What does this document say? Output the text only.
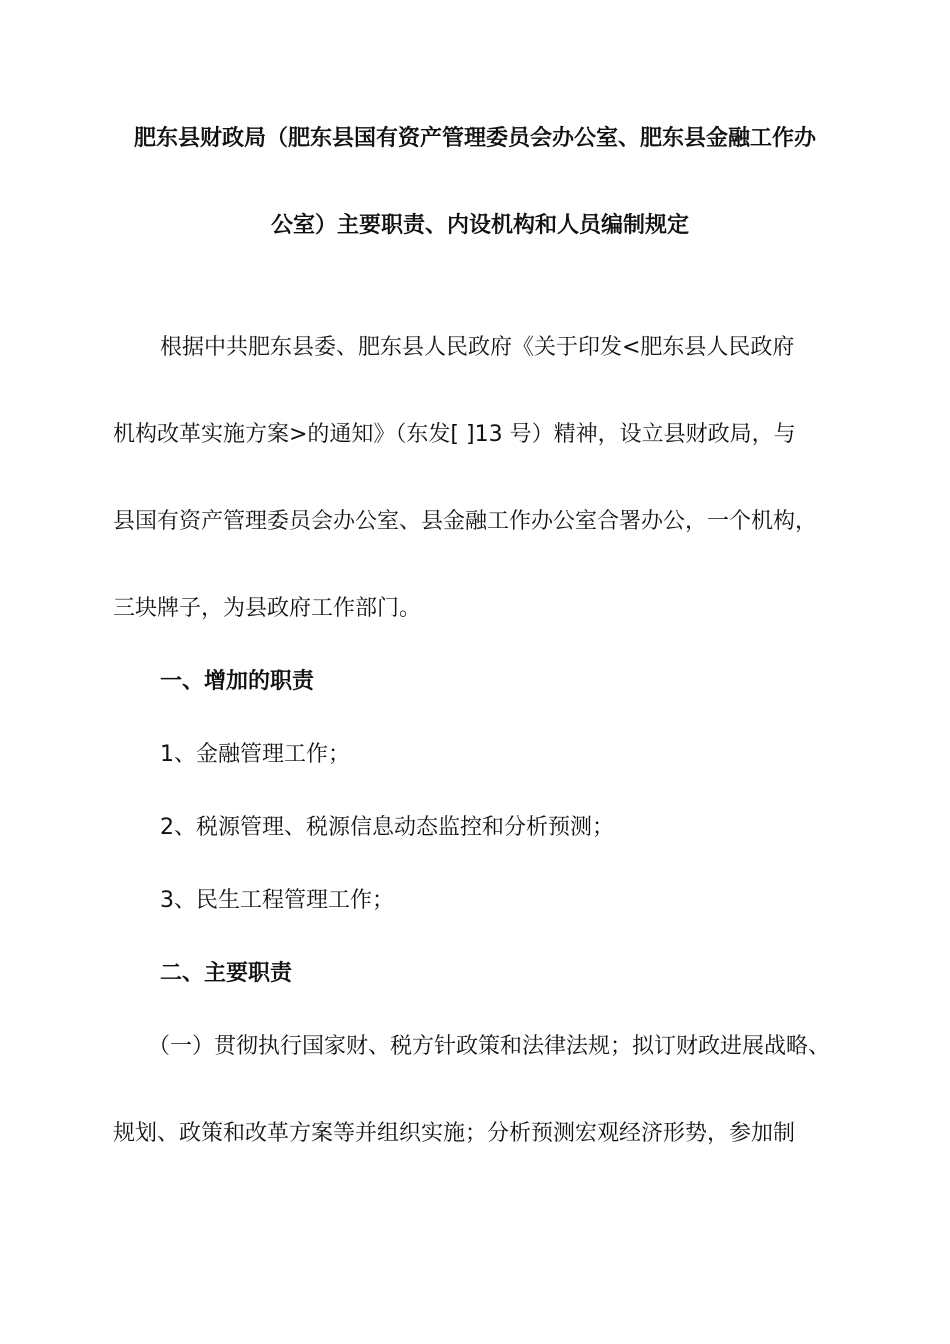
肥东县财政局（肥东县国有资产管理委员会办公室、肥东县金融工作办
公室）主要职责、内设机构和人员编制规定
根据中共肥东县委、肥东县人民政府《关于印发<肥东县人民政府
机构改革实施方案>的通知》（东发[ ]13 号）精神，设立县财政局，与
县国有资产管理委员会办公室、县金融工作办公室合署办公，一个机构，
三块牌子，为县政府工作部门。
一、增加的职责
1、金融管理工作；
2、税源管理、税源信息动态监控和分析预测；
3、民生工程管理工作；
二、主要职责
（一）贯彻执行国家财、税方针政策和法律法规；拟订财政进展战略、
规划、政策和改革方案等并组织实施；分析预测宏观经济形势，参加制
